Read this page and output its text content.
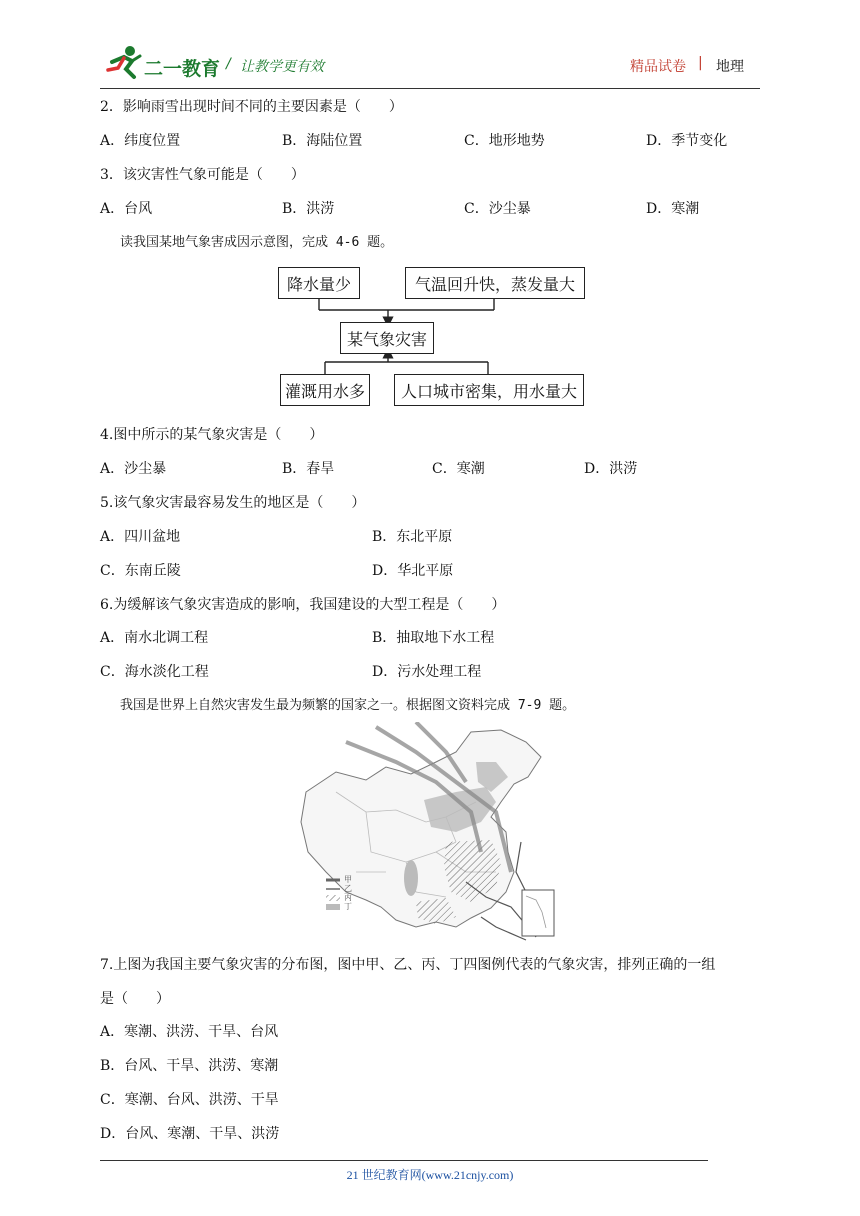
二一教育 / 让教学更有效	精品试卷 | 地理
2．影响雨雪出现时间不同的主要因素是（　　）
A．纬度位置	B．海陆位置	C．地形地势	D．季节变化
3．该灾害性气象可能是（　　）
A．台风	B．洪涝	C．沙尘暴	D．寒潮
读我国某地气象害成因示意图，完成 4-6 题。
降水量少	气温回升快，蒸发量大
某气象灾害
灌溉用水多	人口城市密集，用水量大
4.图中所示的某气象灾害是（　　）
A．沙尘暴	B．春旱	C．寒潮	D．洪涝
5.该气象灾害最容易发生的地区是（　　）
A．四川盆地	B．东北平原
C．东南丘陵	D．华北平原
6.为缓解该气象灾害造成的影响，我国建设的大型工程是（　　）
A．南水北调工程	B．抽取地下水工程
C．海水淡化工程	D．污水处理工程
我国是世界上自然灾害发生最为频繁的国家之一。根据图文资料完成 7-9 题。
甲
乙
丙
丁
7.上图为我国主要气象灾害的分布图，图中甲、乙、丙、丁四图例代表的气象灾害，排列正确的一组
是（　　）
A．寒潮、洪涝、干旱、台风
B．台风、干旱、洪涝、寒潮
C．寒潮、台风、洪涝、干旱
D．台风、寒潮、干旱、洪涝
21 世纪教育网(www.21cnjy.com)
